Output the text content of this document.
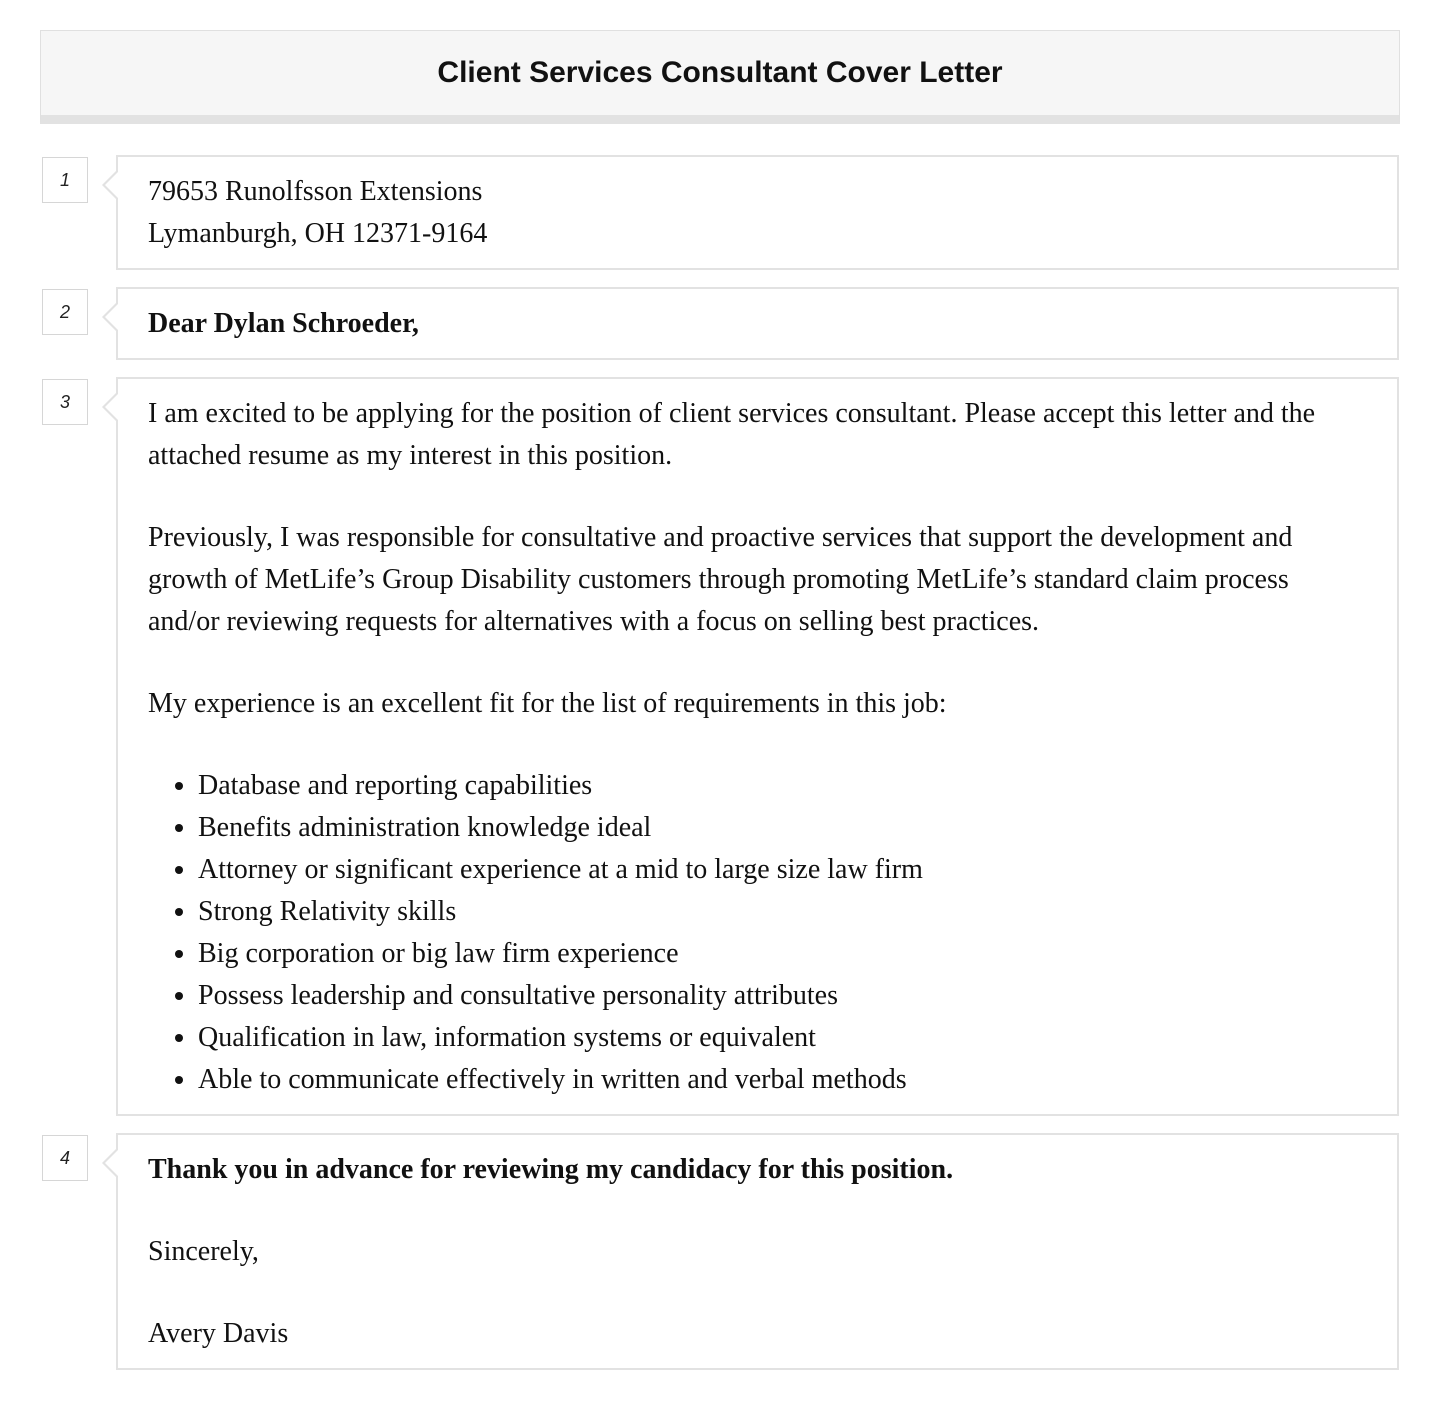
Client Services Consultant Cover Letter
1	79653 Runolfsson Extensions
Lymanburgh, OH 12371-9164
2	Dear Dylan Schroeder,
3	I am excited to be applying for the position of client services consultant. Please accept this letter and the attached resume as my interest in this position.

Previously, I was responsible for consultative and proactive services that support the development and growth of MetLife’s Group Disability customers through promoting MetLife’s standard claim process and/or reviewing requests for alternatives with a focus on selling best practices.

My experience is an excellent fit for the list of requirements in this job:

• Database and reporting capabilities
• Benefits administration knowledge ideal
• Attorney or significant experience at a mid to large size law firm
• Strong Relativity skills
• Big corporation or big law firm experience
• Possess leadership and consultative personality attributes
• Qualification in law, information systems or equivalent
• Able to communicate effectively in written and verbal methods
4	Thank you in advance for reviewing my candidacy for this position.

Sincerely,

Avery Davis
